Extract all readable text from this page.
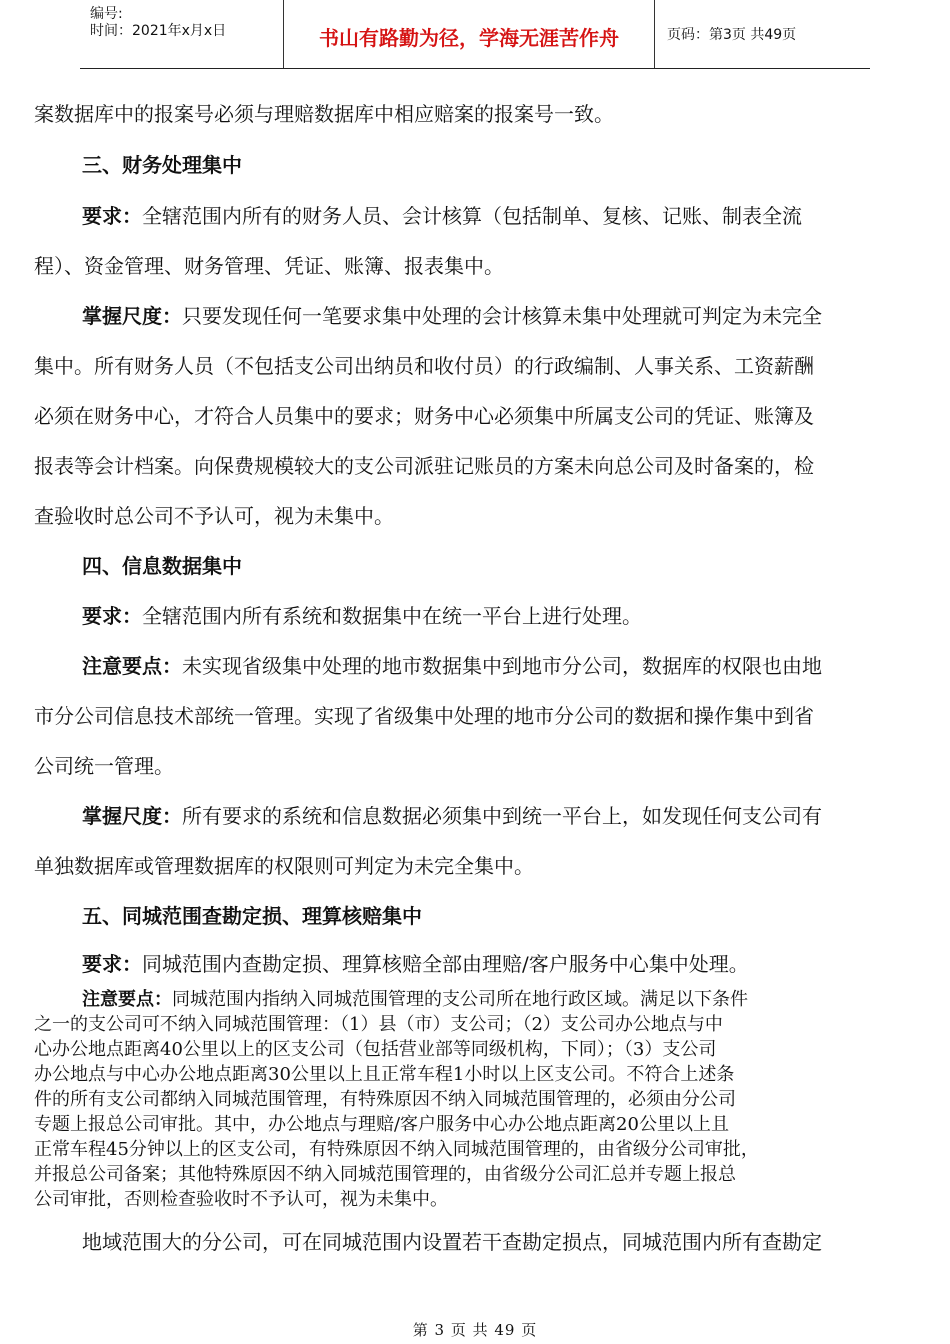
编号:
时间：2021年x月x日	书山有路勤为径，学海无涯苦作舟	页码：第3页 共49页
案数据库中的报案号必须与理赔数据库中相应赔案的报案号一致。
三、财务处理集中
要求：全辖范围内所有的财务人员、会计核算（包括制单、复核、记账、制表全流
程）、资金管理、财务管理、凭证、账簿、报表集中。
掌握尺度：只要发现任何一笔要求集中处理的会计核算未集中处理就可判定为未完全
集中。所有财务人员（不包括支公司出纳员和收付员）的行政编制、人事关系、工资薪酬
必须在财务中心，才符合人员集中的要求；财务中心必须集中所属支公司的凭证、账簿及
报表等会计档案。向保费规模较大的支公司派驻记账员的方案未向总公司及时备案的，检
查验收时总公司不予认可，视为未集中。
四、信息数据集中
要求：全辖范围内所有系统和数据集中在统一平台上进行处理。
注意要点：未实现省级集中处理的地市数据集中到地市分公司，数据库的权限也由地
市分公司信息技术部统一管理。实现了省级集中处理的地市分公司的数据和操作集中到省
公司统一管理。
掌握尺度：所有要求的系统和信息数据必须集中到统一平台上，如发现任何支公司有
单独数据库或管理数据库的权限则可判定为未完全集中。
五、同城范围查勘定损、理算核赔集中
要求：同城范围内查勘定损、理算核赔全部由理赔/客户服务中心集中处理。
注意要点：同城范围内指纳入同城范围管理的支公司所在地行政区域。满足以下条件
之一的支公司可不纳入同城范围管理：（1）县（市）支公司；（2）支公司办公地点与中
心办公地点距离40公里以上的区支公司（包括营业部等同级机构，下同）；（3）支公司
办公地点与中心办公地点距离30公里以上且正常车程1小时以上区支公司。不符合上述条
件的所有支公司都纳入同城范围管理，有特殊原因不纳入同城范围管理的，必须由分公司
专题上报总公司审批。其中，办公地点与理赔/客户服务中心办公地点距离20公里以上且
正常车程45分钟以上的区支公司，有特殊原因不纳入同城范围管理的，由省级分公司审批，
并报总公司备案；其他特殊原因不纳入同城范围管理的，由省级分公司汇总并专题上报总
公司审批，否则检查验收时不予认可，视为未集中。
地域范围大的分公司，可在同城范围内设置若干查勘定损点，同城范围内所有查勘定
第 3 页 共 49 页
